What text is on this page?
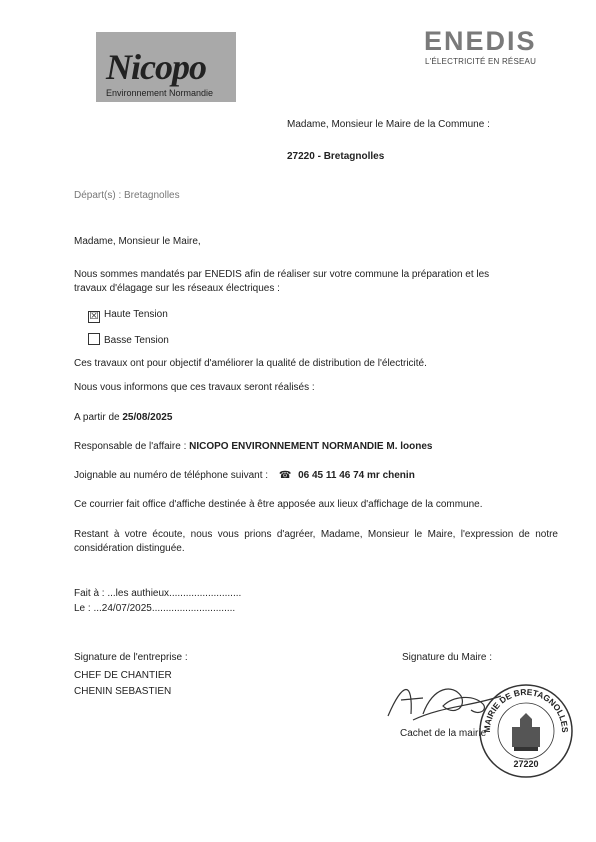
Nicopo
Environnement Normandie
ENEDIS
L'ÉLECTRICITÉ EN RÉSEAU
Madame, Monsieur le Maire de la Commune :
27220 - Bretagnolles
Départ(s) : Bretagnolles
Madame, Monsieur le Maire,
Nous sommes mandatés par ENEDIS afin de réaliser sur votre commune la préparation et les travaux d'élagage sur les réseaux électriques :
☒ Haute Tension
Basse Tension
Ces travaux ont pour objectif d'améliorer la qualité de distribution de l'électricité.
Nous vous informons que ces travaux seront réalisés :
A partir de 25/08/2025
Responsable de l'affaire : NICOPO ENVIRONNEMENT NORMANDIE M. loones
Joignable au numéro de téléphone suivant : ☎ 06 45 11 46 74 mr chenin
Ce courrier fait office d'affiche destinée à être apposée aux lieux d'affichage de la commune.
Restant à votre écoute, nous vous prions d'agréer, Madame, Monsieur le Maire, l'expression de notre considération distinguée.
Fait à : ...les authieux..........................
Le : ...24/07/2025..............................
Signature de l'entreprise :
CHEF DE CHANTIER
CHENIN SEBASTIEN
Signature du Maire :
Cachet de la mairie
MAIRIE DE BRETAGNOLLES
27220
